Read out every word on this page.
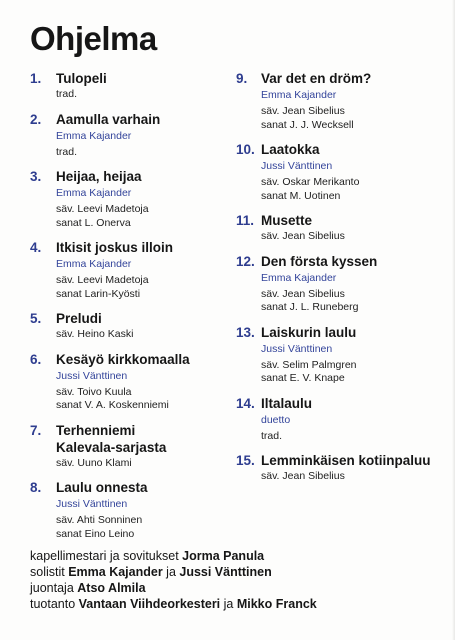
Ohjelma
1. Tulopeli
trad.
2. Aamulla varhain
Emma Kajander
trad.
3. Heijaa, heijaa
Emma Kajander
säv. Leevi Madetoja
sanat L. Onerva
4. Itkisit joskus illoin
Emma Kajander
säv. Leevi Madetoja
sanat Larin-Kyösti
5. Preludi
säv. Heino Kaski
6. Kesäyö kirkkomaalla
Jussi Vänttinen
säv. Toivo Kuula
sanat V. A. Koskenniemi
7. Terhenniemi
Kalevala-sarjasta
säv. Uuno Klami
8. Laulu onnesta
Jussi Vänttinen
säv. Ahti Sonninen
sanat Eino Leino
9. Var det en dröm?
Emma Kajander
säv. Jean Sibelius
sanat J. J. Wecksell
10. Laatokka
Jussi Vänttinen
säv. Oskar Merikanto
sanat M. Uotinen
11. Musette
säv. Jean Sibelius
12. Den första kyssen
Emma Kajander
säv. Jean Sibelius
sanat J. L. Runeberg
13. Laiskurin laulu
Jussi Vänttinen
säv. Selim Palmgren
sanat E. V. Knape
14. Iltalaulu
duetto
trad.
15. Lemminkäisen kotiinpaluu
säv. Jean Sibelius
kapellimestari ja sovitukset Jorma Panula
solistit Emma Kajander ja Jussi Vänttinen
juontaja Atso Almila
tuotanto Vantaan Viihdeorkesteri ja Mikko Franck
